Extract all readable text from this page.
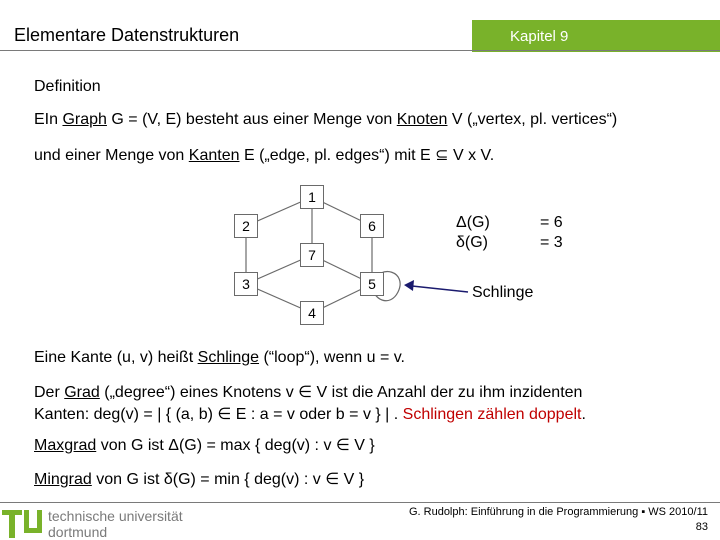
Elementare Datenstrukturen	Kapitel 9
Definition
EIn Graph G = (V, E) besteht aus einer Menge von Knoten V („vertex, pl. vertices“)
und einer Menge von Kanten E („edge, pl. edges“) mit E ⊆ V x V.
1
2	6
7
3	5
4
Δ(G)	= 6
δ(G)	= 3
Schlinge
Eine Kante (u, v) heißt Schlinge (“loop“), wenn u = v.
Der Grad („degree“) eines Knotens v ∈ V ist die Anzahl der zu ihm inzidenten
Kanten: deg(v) = | { (a, b) ∈ E : a = v oder b = v } | . Schlingen zählen doppelt.
Maxgrad von G ist Δ(G) = max { deg(v) : v ∈ V }
Mingrad von G ist δ(G) = min { deg(v) : v ∈ V }
technische universität
dortmund
G. Rudolph: Einführung in die Programmierung ▪ WS 2010/11
83
